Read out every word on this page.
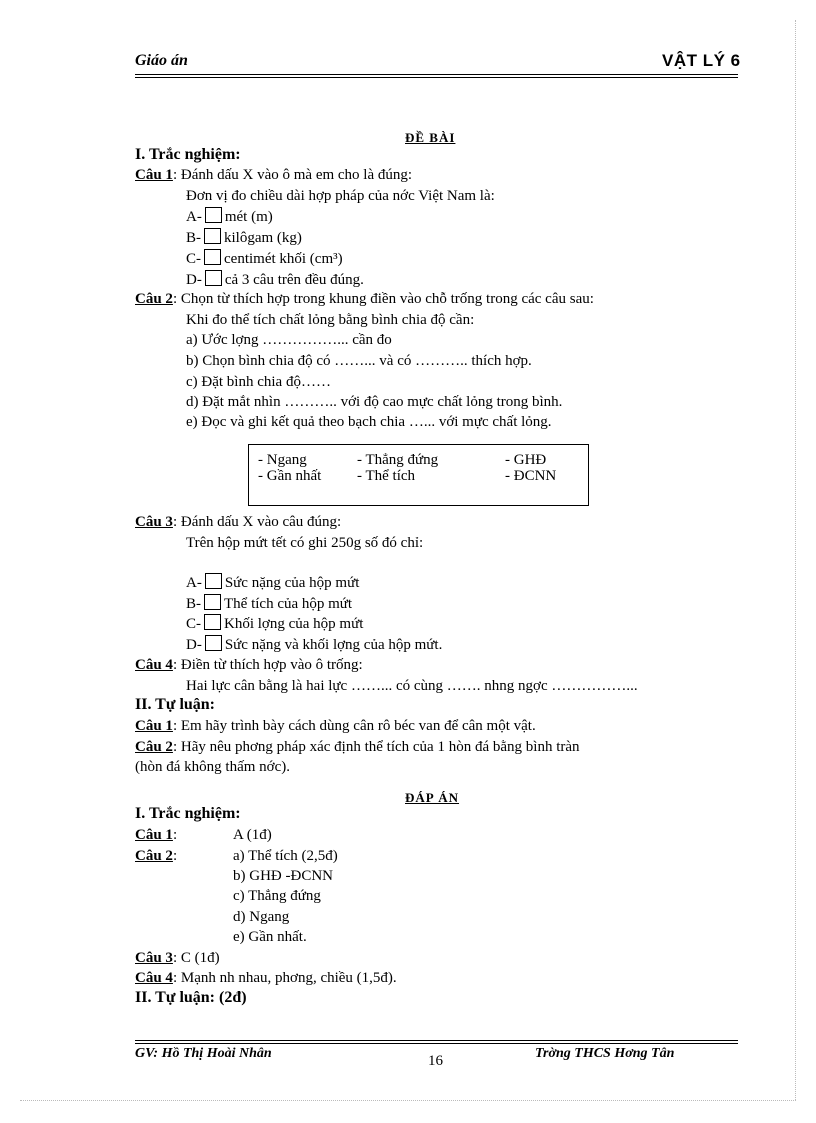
Giáo án	VẬT LÝ 6
ĐỀ BÀI
I. Trắc nghiệm:
Câu 1: Đánh dấu X vào ô mà em cho là đúng:
Đơn vị đo chiều dài hợp pháp của nớc Việt Nam là:
A- mét (m)
B- kilôgam (kg)
C- centimét khối (cm³)
D- cả 3 câu trên đều đúng.
Câu 2: Chọn từ thích hợp trong khung điền vào chỗ trống trong các câu sau:
Khi đo thể tích chất lỏng bằng bình chia độ cần:
a) Ước lợng ……………... cần đo
b) Chọn bình chia độ có ……... và có ……….. thích hợp.
c) Đặt bình chia độ……
d) Đặt mắt nhìn ……….. với độ cao mực chất lỏng trong bình.
e) Đọc và ghi kết quả theo bạch chia …... với mực chất lỏng.
- Ngang	- Thẳng đứng	- GHĐ
- Gần nhất - Thể tích	- ĐCNN
Câu 3: Đánh dấu X vào câu đúng:
Trên hộp mứt tết có ghi 250g số đó chỉ:
A- Sức nặng của hộp mứt
B- Thể tích của hộp mứt
C- Khối lợng của hộp mứt
D- Sức nặng và khối lợng của hộp mứt.
Câu 4: Điền từ thích hợp vào ô trống:
Hai lực cân bằng là hai lực ……... có cùng ……. nhng ngợc ……………...
II. Tự luận:
Câu 1: Em hãy trình bày cách dùng cân rô béc van để cân một vật.
Câu 2: Hãy nêu phơng pháp xác định thể tích của 1 hòn đá bằng bình tràn
(hòn đá không thấm nớc).
ĐÁP ÁN
I. Trắc nghiệm:
Câu 1:	A (1đ)
Câu 2:	a) Thể tích (2,5đ)
b) GHĐ -ĐCNN
c) Thẳng đứng
d) Ngang
e) Gần nhất.
Câu 3: C (1đ)
Câu 4: Mạnh nh nhau, phơng, chiều (1,5đ).
II. Tự luận: (2đ)
GV: Hồ Thị Hoài Nhân	16	Trờng THCS Hơng Tân
